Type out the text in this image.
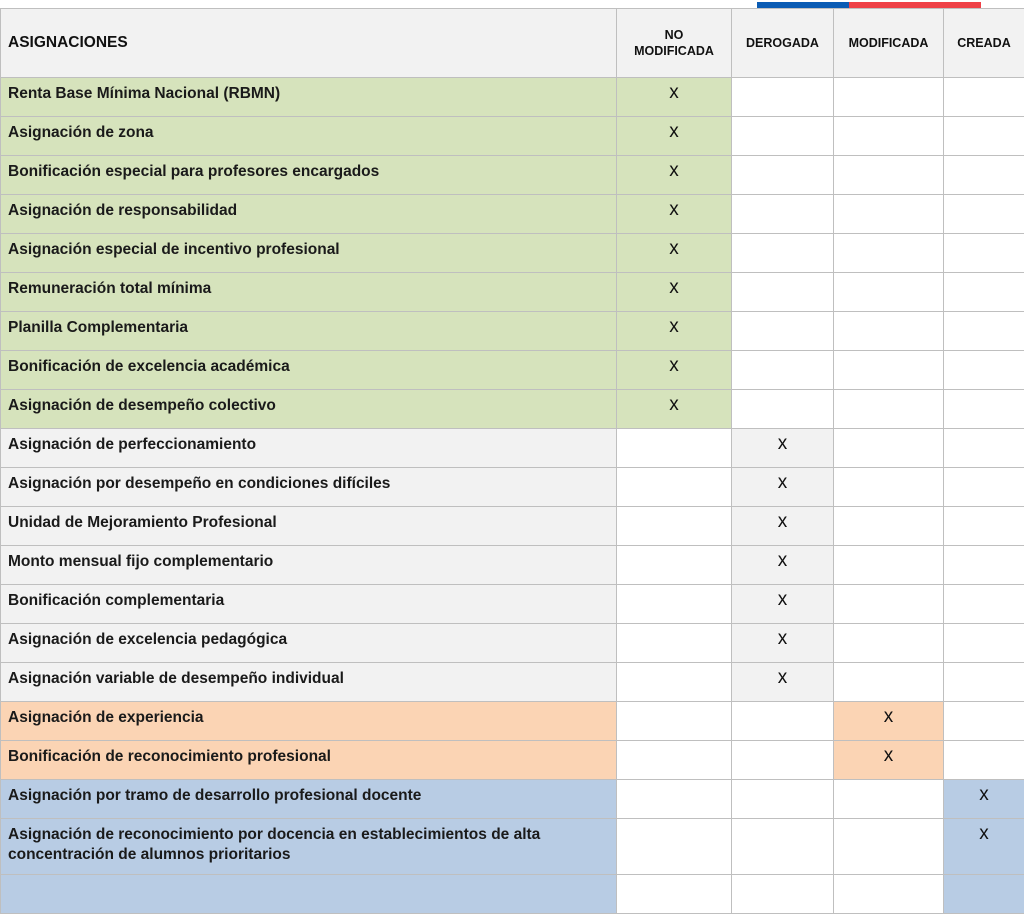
ASIGNACIONES	NO MODIFICADA	DEROGADA	MODIFICADA	CREADA
Renta Base Mínima Nacional (RBMN)	x			
Asignación de zona	x			
Bonificación especial para profesores encargados	x			
Asignación de responsabilidad	x			
Asignación especial de incentivo profesional	x			
Remuneración total mínima	x			
Planilla Complementaria	x			
Bonificación de excelencia académica	x			
Asignación de desempeño colectivo	x			
Asignación de perfeccionamiento		x		
Asignación por desempeño en condiciones difíciles		x		
Unidad de Mejoramiento Profesional		x		
Monto mensual fijo complementario		x		
Bonificación complementaria		x		
Asignación de excelencia pedagógica		x		
Asignación variable de desempeño individual		x		
Asignación de experiencia			x	
Bonificación de reconocimiento profesional			x	
Asignación por tramo de desarrollo profesional docente				x
Asignación de reconocimiento por docencia en establecimientos de alta concentración de alumnos prioritarios				x
